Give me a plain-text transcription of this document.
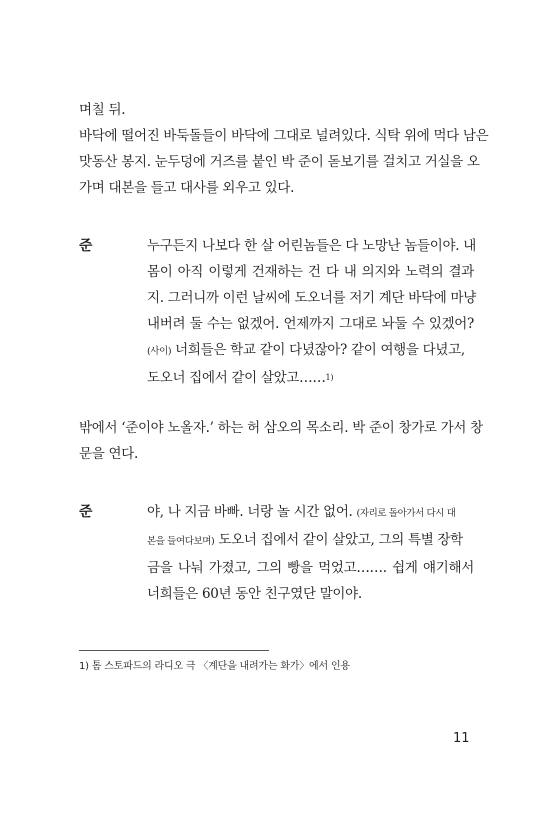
며칠 뒤.
바닥에 떨어진 바둑돌들이 바닥에 그대로 널려있다. 식탁 위에 먹다 남은
맛동산 봉지. 눈두덩에 거즈를 붙인 박 준이 돋보기를 걸치고 거실을 오
가며 대본을 들고 대사를 외우고 있다.
준	누구든지 나보다 한 살 어린놈들은 다 노망난 놈들이야. 내
몸이 아직 이렇게 건재하는 건 다 내 의지와 노력의 결과
지. 그러니까 이런 날씨에 도오너를 저기 계단 바닥에 마냥
내버려 둘 수는 없겠어. 언제까지 그대로 놔둘 수 있겠어?
(사이) 너희들은 학교 같이 다녔잖아? 같이 여행을 다녔고,
도오너 집에서 같이 살았고……$^{1)}$
밖에서 ‘준이야 노올자.’ 하는 허 삼오의 목소리. 박 준이 창가로 가서 창
문을 연다.
준	야, 나 지금 바빠. 너랑 놀 시간 없어. (자리로 돌아가서 다시 대
본을 들여다보며) 도오너 집에서 같이 살았고, 그의 특별 장학
금을 나눠 가졌고, 그의 빵을 먹었고……. 쉽게 얘기해서
너희들은 60년 동안 친구였단 말이야.
1) 톰 스토파드의 라디오 극 〈계단을 내려가는 화가〉에서 인용
11
